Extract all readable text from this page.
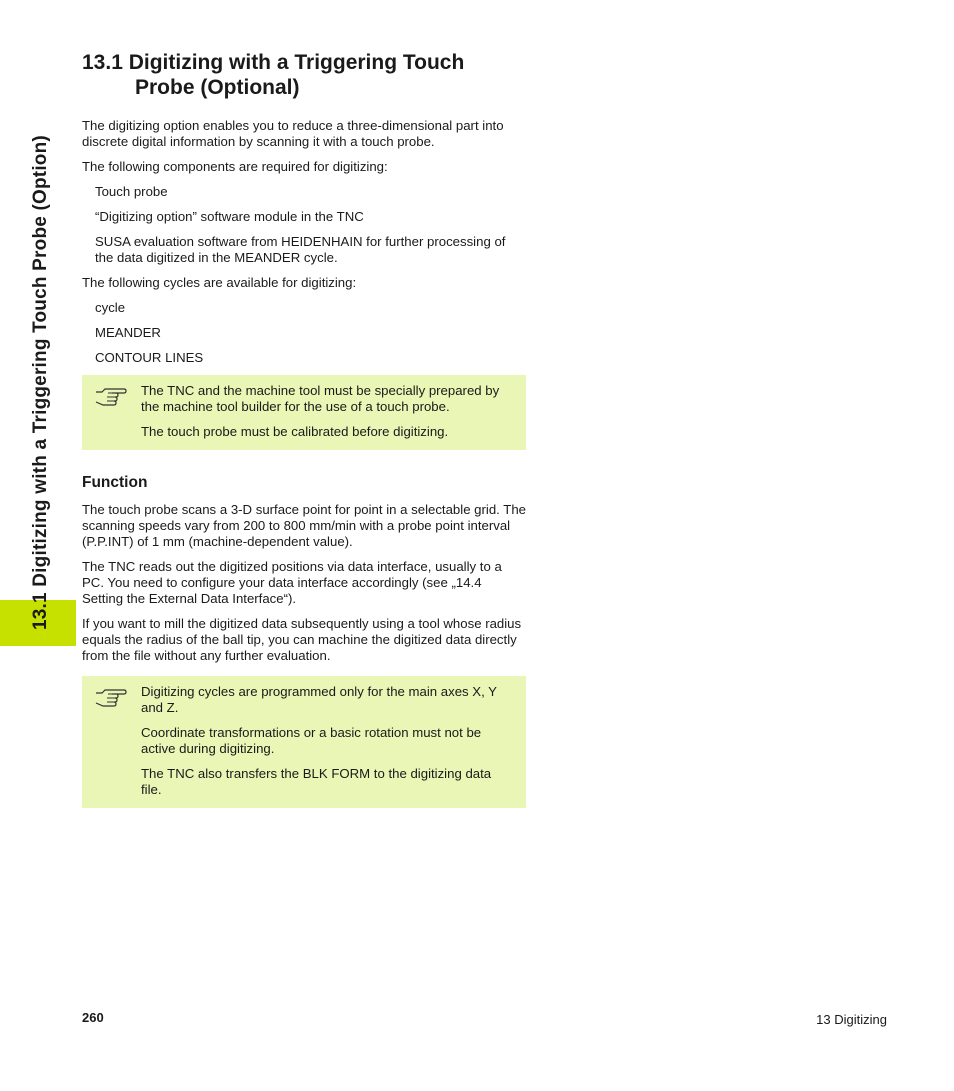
13.1 Digitizing with a Triggering Touch Probe (Option)
13.1 Digitizing with a Triggering Touch Probe (Optional)

The digitizing option enables you to reduce a three-dimensional part into discrete digital information by scanning it with a touch probe.

The following components are required for digitizing:

Touch probe

“Digitizing option” software module in the TNC

SUSA evaluation software from HEIDENHAIN for further processing of the data digitized in the MEANDER cycle.

The following cycles are available for digitizing:

cycle

MEANDER

CONTOUR LINES

The TNC and the machine tool must be specially prepared by the machine tool builder for the use of a touch probe.

The touch probe must be calibrated before digitizing.

Function

The touch probe scans a 3-D surface point for point in a selectable grid. The scanning speeds vary from 200 to 800 mm/min with a probe point interval (P.P.INT) of 1 mm (machine-dependent value).

The TNC reads out the digitized positions via data interface, usually to a PC. You need to configure your data interface accordingly (see „14.4 Setting the External Data Interface“).

If you want to mill the digitized data subsequently using a tool whose radius equals the radius of the ball tip, you can machine the digitized data directly from the file without any further evaluation.

Digitizing cycles are programmed only for the main axes X, Y and Z.

Coordinate transformations or a basic rotation must not be active during digitizing.

The TNC also transfers the BLK FORM to the digitizing data file.

260	13 Digitizing
